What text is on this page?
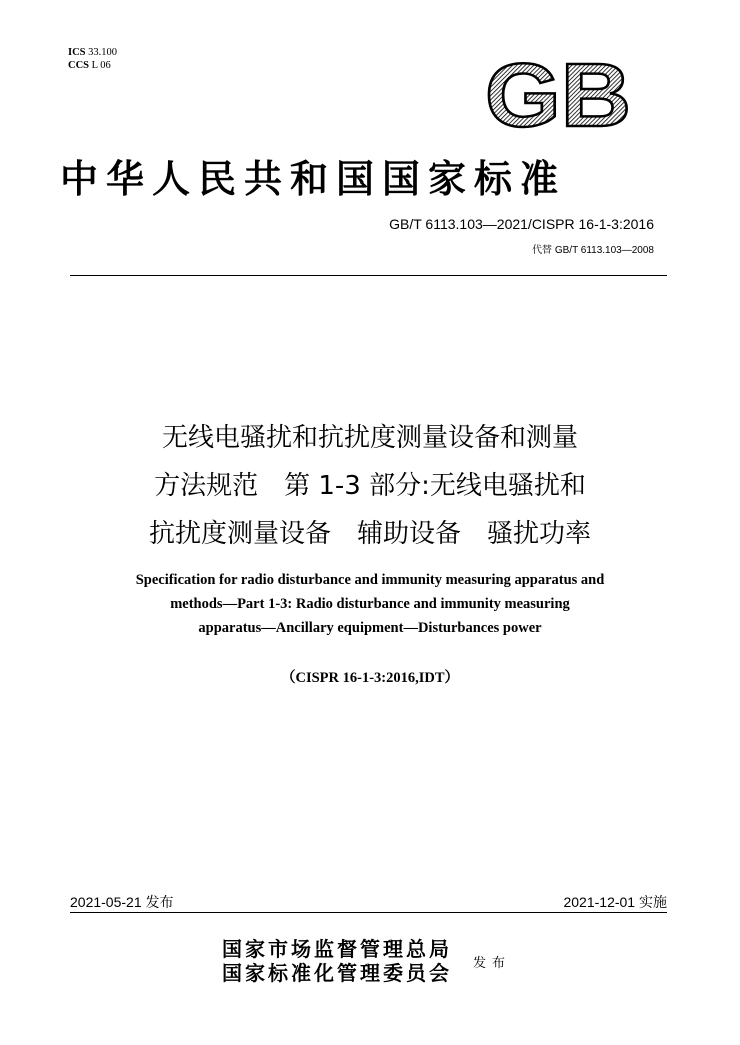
ICS 33.100
CCS L 06	GB
中华人民共和国国家标准
GB/T 6113.103—2021/CISPR 16-1-3:2016
代替 GB/T 6113.103—2008
无线电骚扰和抗扰度测量设备和测量
方法规范　第 1-3 部分:无线电骚扰和
抗扰度测量设备　辅助设备　骚扰功率
Specification for radio disturbance and immunity measuring apparatus and
methods—Part 1-3: Radio disturbance and immunity measuring
apparatus—Ancillary equipment—Disturbances power
（CISPR 16-1-3:2016,IDT）
2021-05-21 发布	2021-12-01 实施
国家市场监督管理总局
国家标准化管理委员会 发布
